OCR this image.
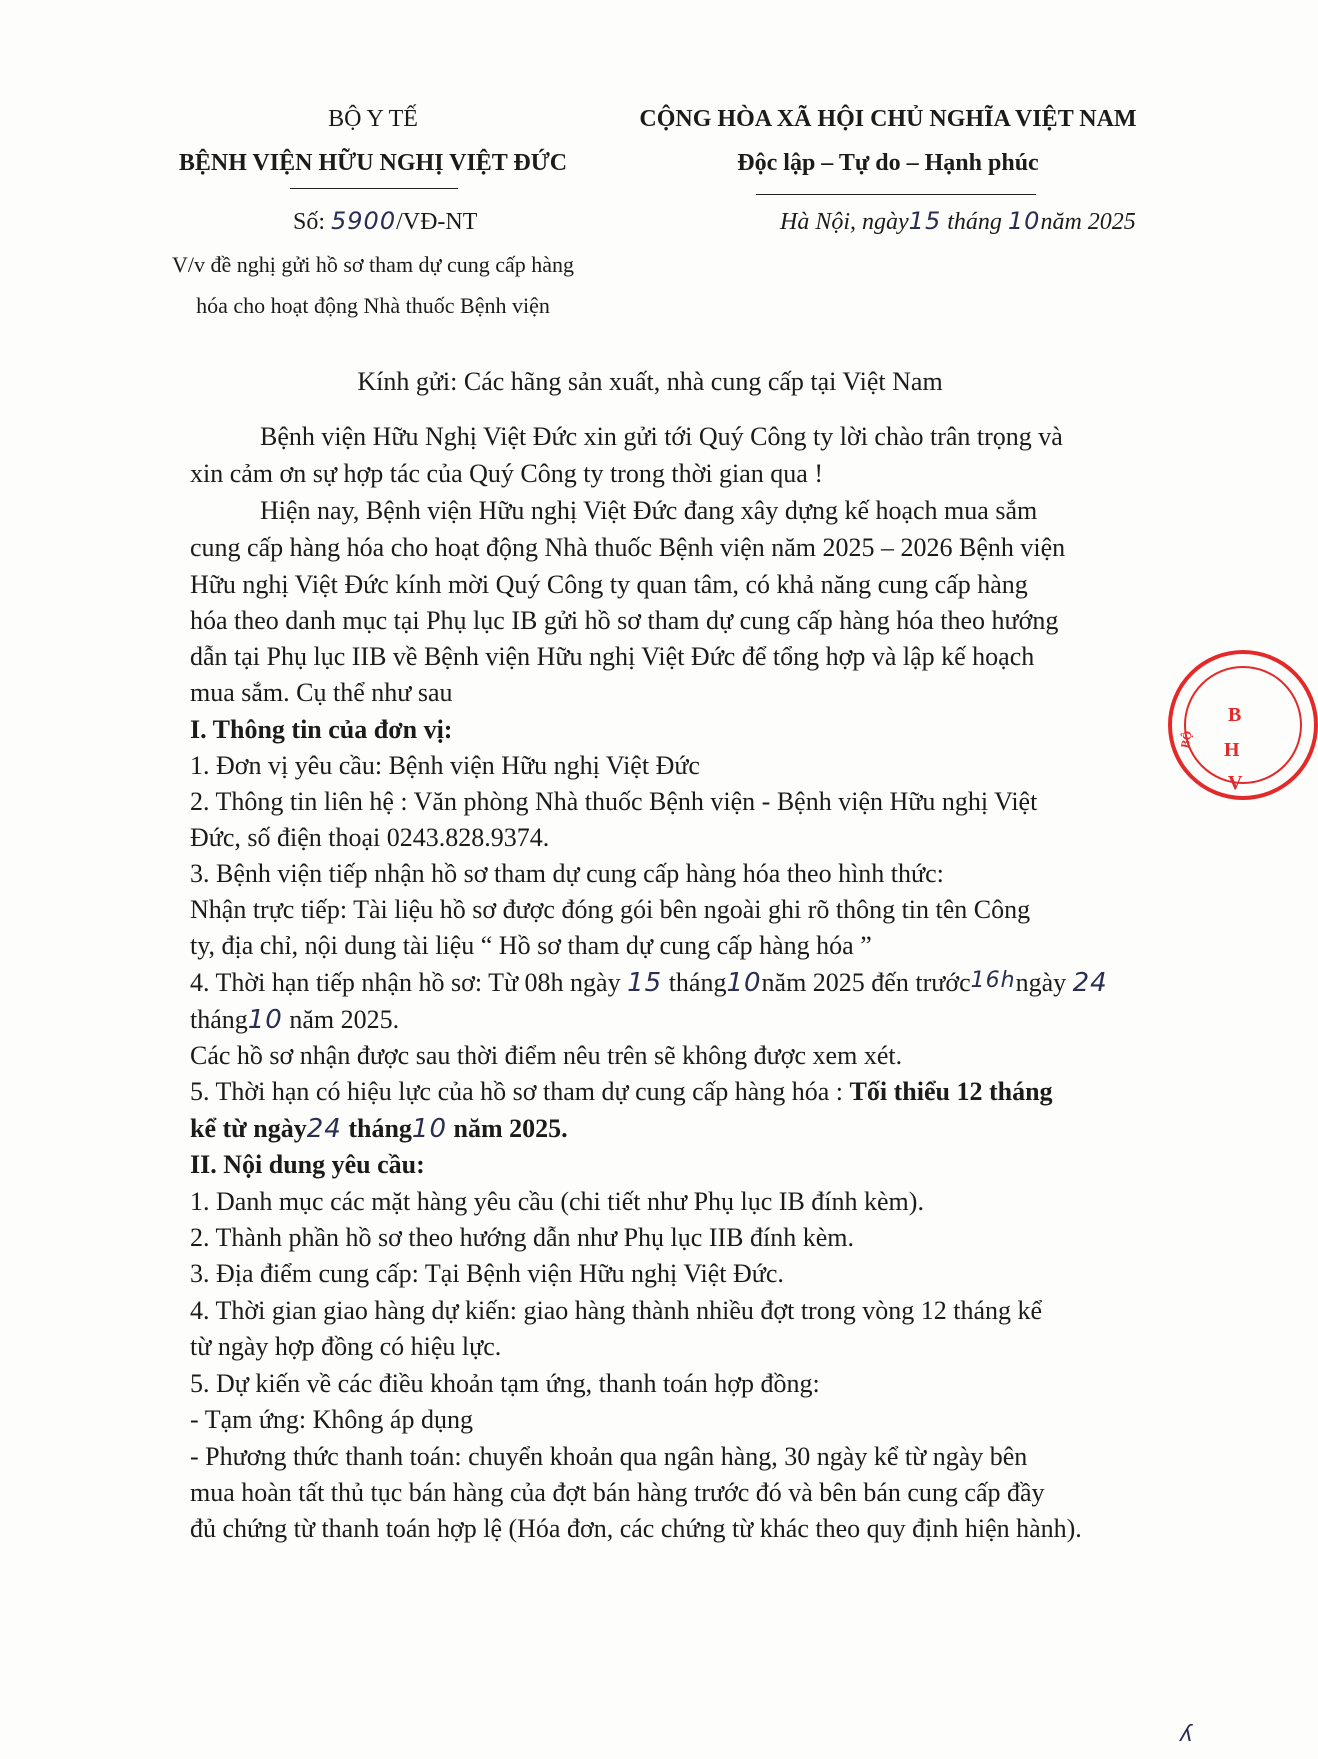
BỘ Y TẾ
BỆNH VIỆN HỮU NGHỊ VIỆT ĐỨC
Số: 5900/VĐ-NT
V/v đề nghị gửi hồ sơ tham dự cung cấp hàng
hóa cho hoạt động Nhà thuốc Bệnh viện
CỘNG HÒA XÃ HỘI CHỦ NGHĨA VIỆT NAM
Độc lập – Tự do – Hạnh phúc
Hà Nội, ngày15 tháng 10năm 2025
Kính gửi: Các hãng sản xuất, nhà cung cấp tại Việt Nam
Bệnh viện Hữu Nghị Việt Đức xin gửi tới Quý Công ty lời chào trân trọng và
xin cảm ơn sự hợp tác của Quý Công ty trong thời gian qua !
Hiện nay, Bệnh viện Hữu nghị Việt Đức đang xây dựng kế hoạch mua sắm
cung cấp hàng hóa cho hoạt động Nhà thuốc Bệnh viện năm 2025 – 2026 Bệnh viện
Hữu nghị Việt Đức kính mời Quý Công ty quan tâm, có khả năng cung cấp hàng
hóa theo danh mục tại Phụ lục IB gửi hồ sơ tham dự cung cấp hàng hóa theo hướng
dẫn tại Phụ lục IIB về Bệnh viện Hữu nghị Việt Đức để tổng hợp và lập kế hoạch
mua sắm. Cụ thể như sau
I. Thông tin của đơn vị:
1. Đơn vị yêu cầu: Bệnh viện Hữu nghị Việt Đức
2. Thông tin liên hệ : Văn phòng Nhà thuốc Bệnh viện - Bệnh viện Hữu nghị Việt
Đức, số điện thoại 0243.828.9374.
3. Bệnh viện tiếp nhận hồ sơ tham dự cung cấp hàng hóa theo hình thức:
Nhận trực tiếp: Tài liệu hồ sơ được đóng gói bên ngoài ghi rõ thông tin tên Công
ty, địa chỉ, nội dung tài liệu “ Hồ sơ tham dự cung cấp hàng hóa ”
4. Thời hạn tiếp nhận hồ sơ: Từ 08h ngày 15 tháng10năm 2025 đến trước16hngày 24
tháng10 năm 2025.
Các hồ sơ nhận được sau thời điểm nêu trên sẽ không được xem xét.
5. Thời hạn có hiệu lực của hồ sơ tham dự cung cấp hàng hóa : Tối thiểu 12 tháng
kể từ ngày24 tháng10 năm 2025.
II. Nội dung yêu cầu:
1. Danh mục các mặt hàng yêu cầu (chi tiết như Phụ lục IB đính kèm).
2. Thành phần hồ sơ theo hướng dẫn như Phụ lục IIB đính kèm.
3. Địa điểm cung cấp: Tại Bệnh viện Hữu nghị Việt Đức.
4. Thời gian giao hàng dự kiến: giao hàng thành nhiều đợt trong vòng 12 tháng kể
từ ngày hợp đồng có hiệu lực.
5. Dự kiến về các điều khoản tạm ứng, thanh toán hợp đồng:
- Tạm ứng: Không áp dụng
- Phương thức thanh toán: chuyển khoản qua ngân hàng, 30 ngày kể từ ngày bên
mua hoàn tất thủ tục bán hàng của đợt bán hàng trước đó và bên bán cung cấp đầy
đủ chứng từ thanh toán hợp lệ (Hóa đơn, các chứng từ khác theo quy định hiện hành).
B
H
V
BỘ
ʎ
